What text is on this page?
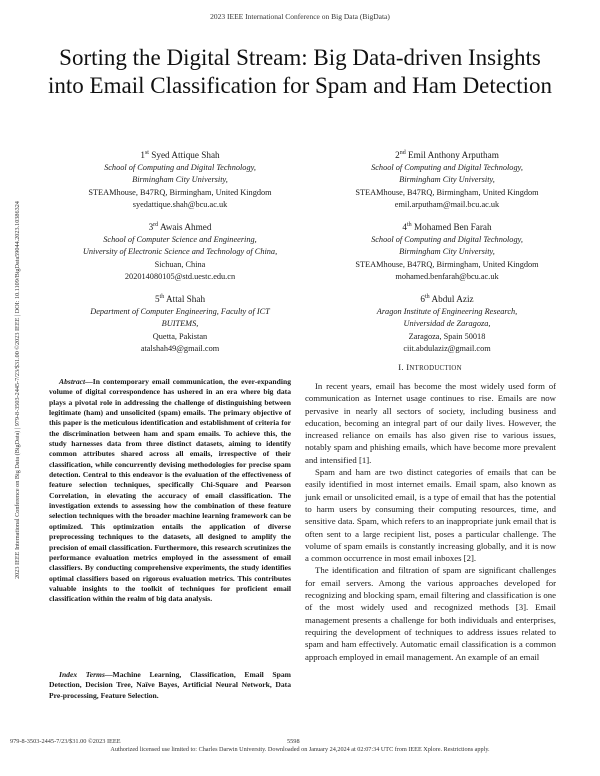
2023 IEEE International Conference on Big Data (BigData)
Sorting the Digital Stream: Big Data-driven Insights into Email Classification for Spam and Ham Detection
1st Syed Attique Shah
School of Computing and Digital Technology,
Birmingham City University,
STEAMhouse, B47RQ, Birmingham, United Kingdom
syedattique.shah@bcu.ac.uk
2nd Emil Anthony Arputham
School of Computing and Digital Technology,
Birmingham City University,
STEAMhouse, B47RQ, Birmingham, United Kingdom
emil.arputham@mail.bcu.ac.uk
3rd Awais Ahmed
School of Computer Science and Engineering,
University of Electronic Science and Technology of China,
Sichuan, China
202014080105@std.uestc.edu.cn
4th Mohamed Ben Farah
School of Computing and Digital Technology,
Birmingham City University,
STEAMhouse, B47RQ, Birmingham, United Kingdom
mohamed.benfarah@bcu.ac.uk
5th Attal Shah
Department of Computer Engineering, Faculty of ICT
BUITEMS,
Quetta, Pakistan
atalshah49@gmail.com
6th Abdul Aziz
Aragon Institute of Engineering Research,
Universidad de Zaragoza,
Zaragoza, Spain 50018
ciit.abdulaziz@gmail.com
2023 IEEE International Conference on Big Data (BigData) | 979-8-3503-2445-7/23/$31.00 ©2023 IEEE | DOI: 10.1109/BigData59044.2023.10386324	Abstract—In contemporary email communication, the ever-expanding volume of digital correspondence has ushered in an era where big data plays a pivotal role in addressing the challenge of distinguishing between legitimate (ham) and unsolicited (spam) emails. The primary objective of this paper is the meticulous identification and establishment of criteria for the discrimination between ham and spam emails. To achieve this, the study harnesses data from three distinct datasets, aiming to identify common attributes shared across all emails, irrespective of their classification, while concurrently devising methodologies for precise spam detection. Central to this endeavor is the evaluation of the effectiveness of feature selection techniques, specifically Chi-Square and Pearson Correlation, in elevating the accuracy of email classification. The investigation extends to assessing how the combination of these feature selection techniques with the broader machine learning framework can be optimized. This optimization entails the application of diverse preprocessing techniques to the datasets, all designed to amplify the precision of email classification. Furthermore, this research scrutinizes the performance evaluation metrics employed in the assessment of email classifiers. By conducting comprehensive experiments, the study identifies optimal classifiers based on rigorous evaluation metrics. This contributes valuable insights to the toolkit of techniques for proficient email classification within the realm of big data analysis.

Index Terms—Machine Learning, Classification, Email Spam Detection, Decision Tree, Naïve Bayes, Artificial Neural Network, Data Pre-processing, Feature Selection.

I. INTRODUCTION

In recent years, email has become the most widely used form of communication as Internet usage continues to rise. Emails are now pervasive in nearly all sectors of society, including business and education, becoming an integral part of our daily lives. However, the increased reliance on emails has also given rise to various issues, notably spam and phishing emails, which have become more prevalent and intensified [1].

Spam and ham are two distinct categories of emails that can be easily identified in most internet emails. Email spam, also known as junk email or unsolicited email, is a type of email that has the potential to harm users by consuming their computing resources, time, and sensitive data. Spam, which refers to an inappropriate junk email that is often sent to a large recipient list, poses a particular challenge. The volume of spam emails is constantly increasing globally, and it is now a common occurrence in most email inboxes [2].

The identification and filtration of spam are significant challenges for email servers. Among the various approaches developed for recognizing and blocking spam, email filtering and classification is one of the most widely used and recognized methods [3]. Email management presents a challenge for both individuals and enterprises, requiring the development of techniques to address issues related to spam and ham effectively. Automatic email classification is a common approach employed in email management. An example of an email

979-8-3503-2445-7/23/$31.00 ©2023 IEEE	5598
Authorized licensed use limited to: Charles Darwin University. Downloaded on January 24,2024 at 02:07:34 UTC from IEEE Xplore. Restrictions apply.
